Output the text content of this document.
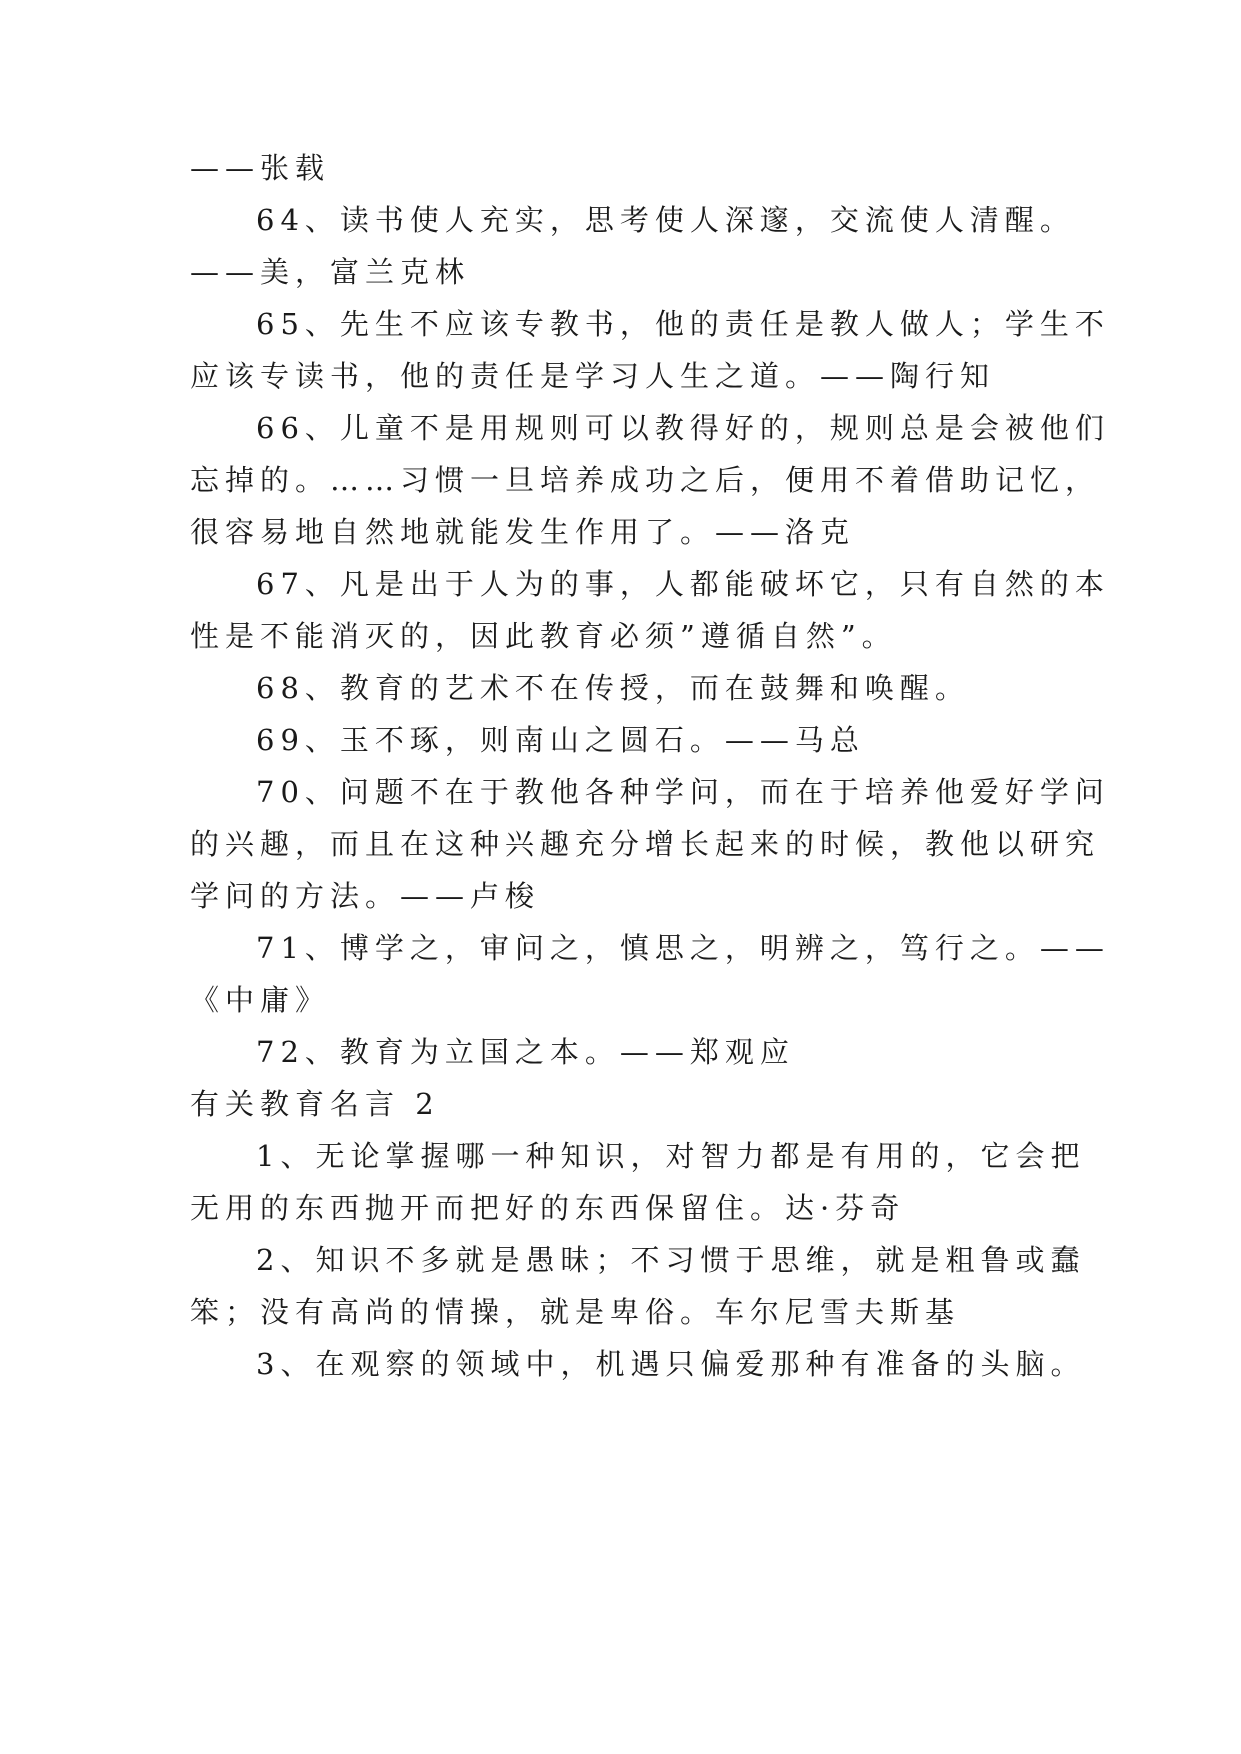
——张载
64、读书使人充实，思考使人深邃，交流使人清醒。
——美，富兰克林
65、先生不应该专教书，他的责任是教人做人；学生不
应该专读书，他的责任是学习人生之道。——陶行知
66、儿童不是用规则可以教得好的，规则总是会被他们
忘掉的。……习惯一旦培养成功之后，便用不着借助记忆，
很容易地自然地就能发生作用了。——洛克
67、凡是出于人为的事，人都能破坏它，只有自然的本
性是不能消灭的，因此教育必须”遵循自然”。
68、教育的艺术不在传授，而在鼓舞和唤醒。
69、玉不琢，则南山之圆石。——马总
70、问题不在于教他各种学问，而在于培养他爱好学问
的兴趣，而且在这种兴趣充分增长起来的时候，教他以研究
学问的方法。——卢梭
71、博学之，审问之，慎思之，明辨之，笃行之。——
《中庸》
72、教育为立国之本。——郑观应
有关教育名言 2
1、无论掌握哪一种知识，对智力都是有用的，它会把
无用的东西抛开而把好的东西保留住。达·芬奇
2、知识不多就是愚昧；不习惯于思维，就是粗鲁或蠢
笨；没有高尚的情操，就是卑俗。车尔尼雪夫斯基
3、在观察的领域中，机遇只偏爱那种有准备的头脑。
